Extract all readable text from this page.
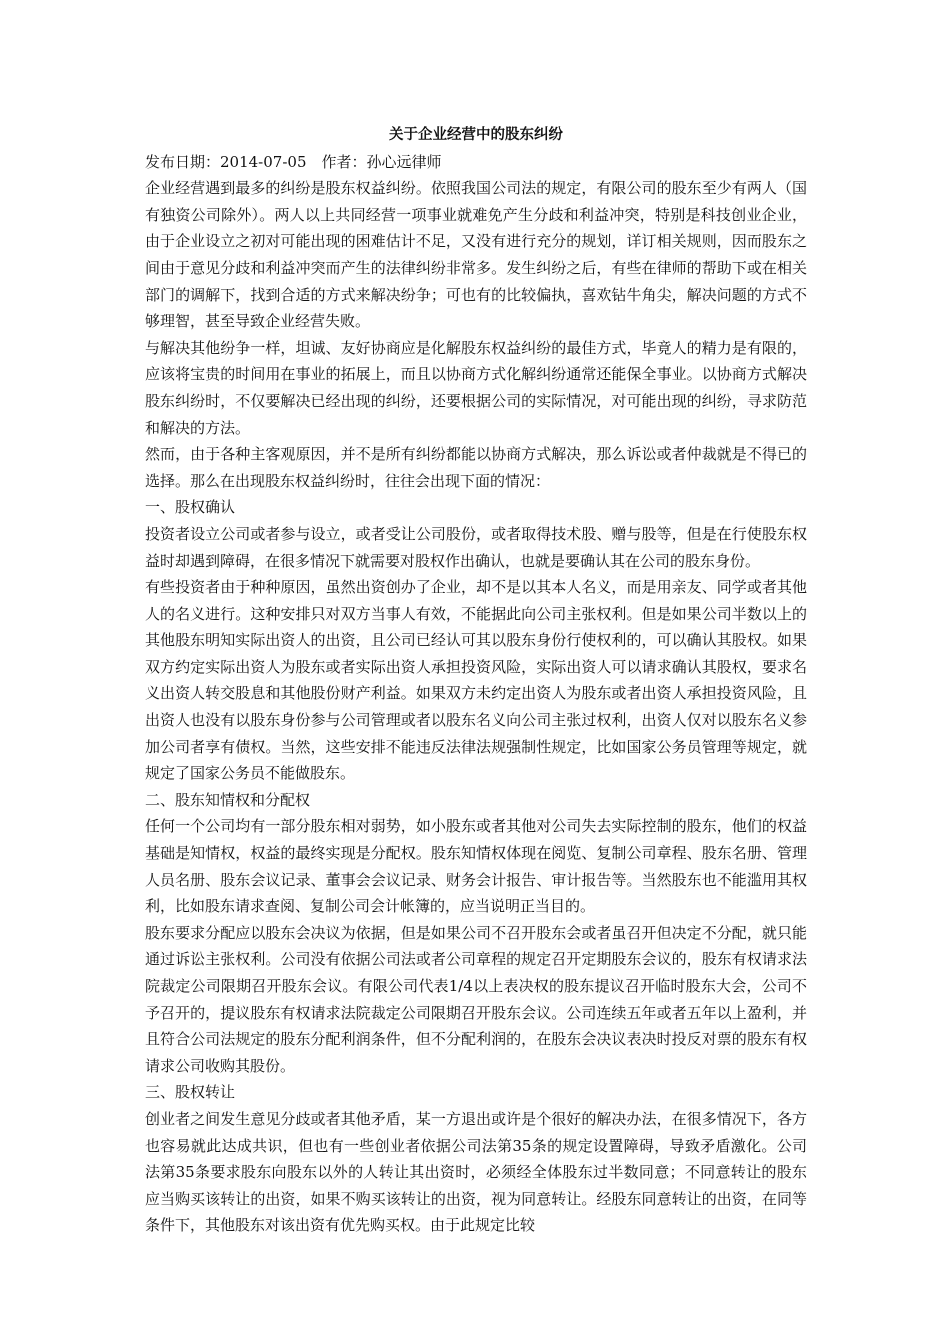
关于企业经营中的股东纠纷

发布日期：2014-07-05　作者：孙心远律师

企业经营遇到最多的纠纷是股东权益纠纷。依照我国公司法的规定，有限公司的股东至少有两人（国有独资公司除外）。两人以上共同经营一项事业就难免产生分歧和利益冲突，特别是科技创业企业，由于企业设立之初对可能出现的困难估计不足，又没有进行充分的规划，详订相关规则，因而股东之间由于意见分歧和利益冲突而产生的法律纠纷非常多。发生纠纷之后，有些在律师的帮助下或在相关部门的调解下，找到合适的方式来解决纷争；可也有的比较偏执，喜欢钻牛角尖，解决问题的方式不够理智，甚至导致企业经营失败。

与解决其他纷争一样，坦诚、友好协商应是化解股东权益纠纷的最佳方式，毕竟人的精力是有限的，应该将宝贵的时间用在事业的拓展上，而且以协商方式化解纠纷通常还能保全事业。以协商方式解决股东纠纷时，不仅要解决已经出现的纠纷，还要根据公司的实际情况，对可能出现的纠纷，寻求防范和解决的方法。

然而，由于各种主客观原因，并不是所有纠纷都能以协商方式解决，那么诉讼或者仲裁就是不得已的选择。那么在出现股东权益纠纷时，往往会出现下面的情况：

一、股权确认

投资者设立公司或者参与设立，或者受让公司股份，或者取得技术股、赠与股等，但是在行使股东权益时却遇到障碍，在很多情况下就需要对股权作出确认，也就是要确认其在公司的股东身份。

有些投资者由于种种原因，虽然出资创办了企业，却不是以其本人名义，而是用亲友、同学或者其他人的名义进行。这种安排只对双方当事人有效，不能据此向公司主张权利。但是如果公司半数以上的其他股东明知实际出资人的出资，且公司已经认可其以股东身份行使权利的，可以确认其股权。如果双方约定实际出资人为股东或者实际出资人承担投资风险，实际出资人可以请求确认其股权，要求名义出资人转交股息和其他股份财产利益。如果双方未约定出资人为股东或者出资人承担投资风险，且出资人也没有以股东身份参与公司管理或者以股东名义向公司主张过权利，出资人仅对以股东名义参加公司者享有债权。当然，这些安排不能违反法律法规强制性规定，比如国家公务员管理等规定，就规定了国家公务员不能做股东。

二、股东知情权和分配权

任何一个公司均有一部分股东相对弱势，如小股东或者其他对公司失去实际控制的股东，他们的权益基础是知情权，权益的最终实现是分配权。股东知情权体现在阅览、复制公司章程、股东名册、管理人员名册、股东会议记录、董事会会议记录、财务会计报告、审计报告等。当然股东也不能滥用其权利，比如股东请求查阅、复制公司会计帐簿的，应当说明正当目的。

股东要求分配应以股东会决议为依据，但是如果公司不召开股东会或者虽召开但决定不分配，就只能通过诉讼主张权利。公司没有依据公司法或者公司章程的规定召开定期股东会议的，股东有权请求法院裁定公司限期召开股东会议。有限公司代表1/4以上表决权的股东提议召开临时股东大会，公司不予召开的，提议股东有权请求法院裁定公司限期召开股东会议。公司连续五年或者五年以上盈利，并且符合公司法规定的股东分配利润条件，但不分配利润的，在股东会决议表决时投反对票的股东有权请求公司收购其股份。

三、股权转让

创业者之间发生意见分歧或者其他矛盾，某一方退出或许是个很好的解决办法，在很多情况下，各方也容易就此达成共识，但也有一些创业者依据公司法第35条的规定设置障碍，导致矛盾激化。公司法第35条要求股东向股东以外的人转让其出资时，必须经全体股东过半数同意；不同意转让的股东应当购买该转让的出资，如果不购买该转让的出资，视为同意转让。经股东同意转让的出资，在同等条件下，其他股东对该出资有优先购买权。由于此规定比较
